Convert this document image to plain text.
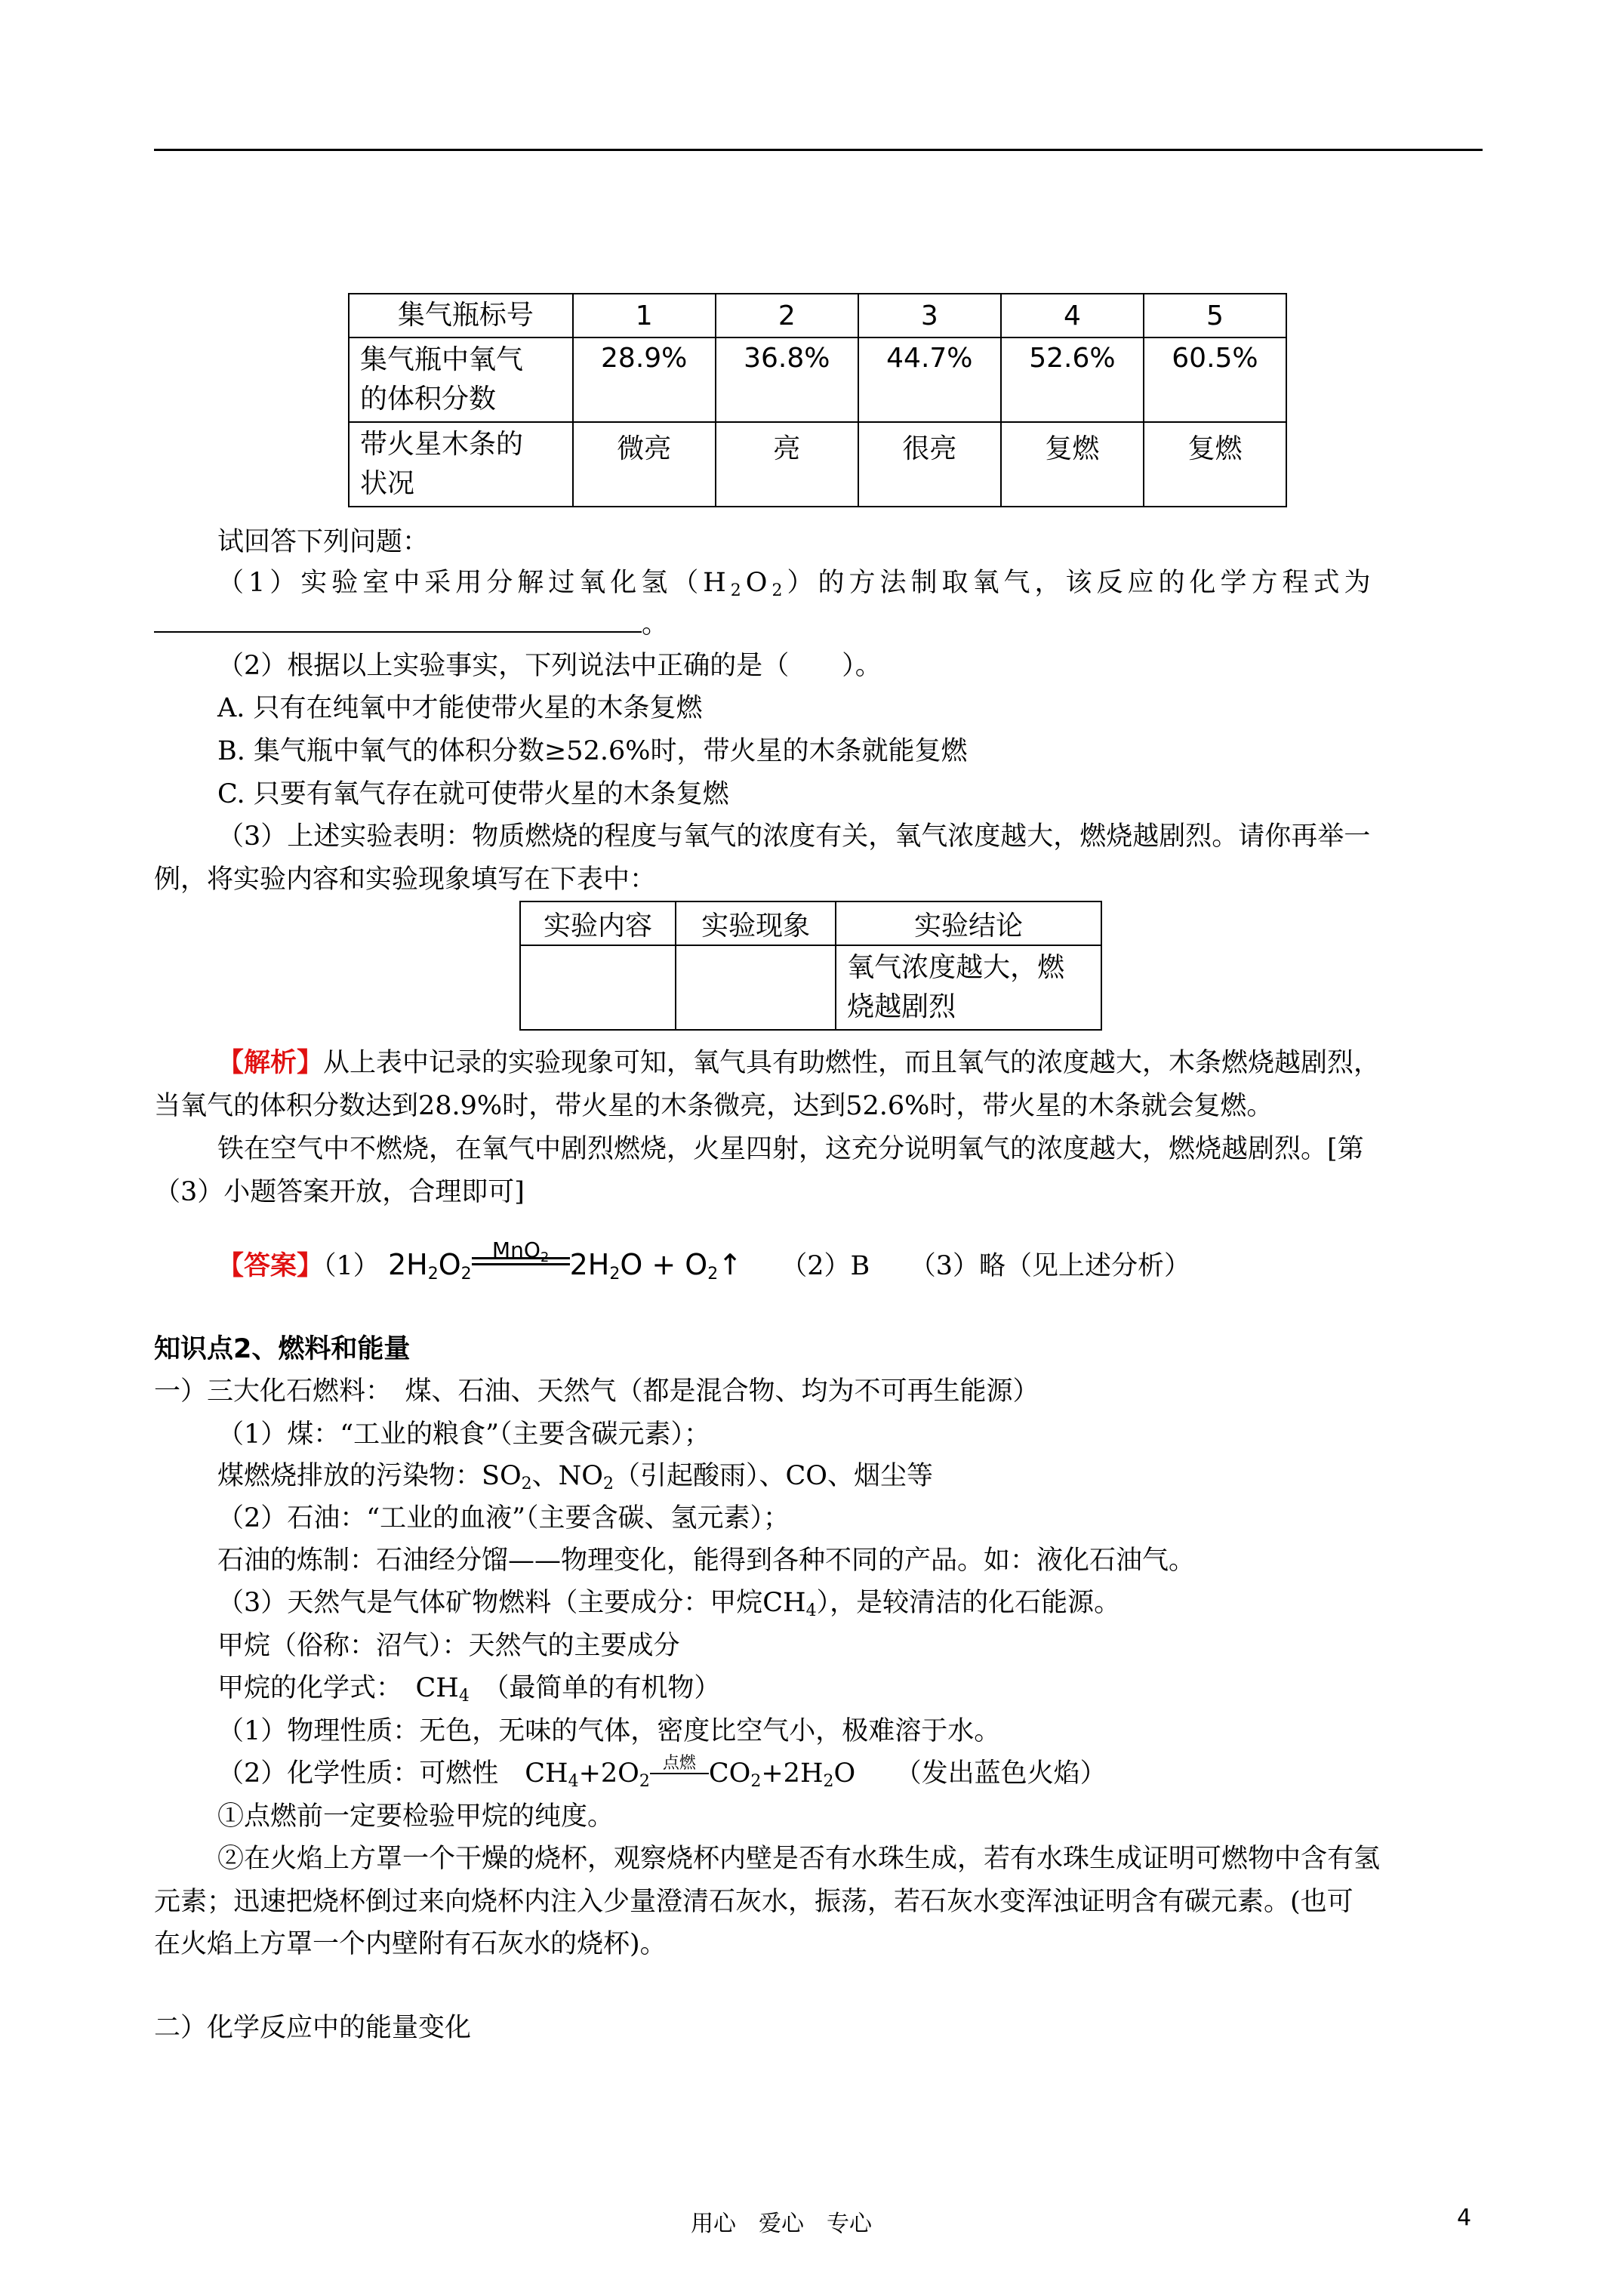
集气瓶标号	1	2	3	4	5

集气瓶中氧气
的体积分数	28.9%	36.8%	44.7%	52.6%	60.5%

带火星木条的
状况	微亮	亮	很亮	复燃	复燃
试回答下列问题：
（1）实验室中采用分解过氧化氢$(H_2O_2)$的方法制取氧气，该反应的化学方程式为
。
（2）根据以上实验事实，下列说法中正确的是（　　）。
A. 只有在纯氧中才能使带火星的木条复燃
B. 集气瓶中氧气的体积分数≥52.6%时，带火星的木条就能复燃
C. 只要有氧气存在就可使带火星的木条复燃
（3）上述实验表明：物质燃烧的程度与氧气的浓度有关，氧气浓度越大，燃烧越剧烈。请你再举一
例，将实验内容和实验现象填写在下表中：
实验内容	实验现象	实验结论

		氧气浓度越大，燃
烧越剧烈
【解析】从上表中记录的实验现象可知，氧气具有助燃性，而且氧气的浓度越大，木条燃烧越剧烈，
当氧气的体积分数达到28.9%时，带火星的木条微亮，达到52.6%时，带火星的木条就会复燃。
铁在空气中不燃烧，在氧气中剧烈燃烧，火星四射，这充分说明氧气的浓度越大，燃烧越剧烈。[第
（3）小题答案开放，合理即可]
【答案】（1） $2H_2O_2$
MnO$_2$ $2H_2O$ + $O_2↑$ （2）B　　（3）略（见上述分析）
知识点2、燃料和能量
一）三大化石燃料：　煤、石油、天然气（都是混合物、均为不可再生能源）
（1）煤：“工业的粮食”（主要含碳元素）；
煤燃烧排放的污染物：$SO_2$、$NO_2$（引起酸雨）、CO、烟尘等
（2）石油：“工业的血液”（主要含碳、氢元素）；
石油的炼制：石油经分馏——物理变化，能得到各种不同的产品。如：液化石油气。
（3）天然气是气体矿物燃料（主要成分：甲烷$CH_4$），是较清洁的化石能源。
甲烷（俗称：沼气）：天然气的主要成分
甲烷的化学式：　$CH_4$　（最简单的有机物）
（1）物理性质：无色，无味的气体，密度比空气小，极难溶于水。
（2）化学性质：可燃性　$CH_4+2O_2$
点燃 $CO_2+2H_2O$　　（发出蓝色火焰）
①点燃前一定要检验甲烷的纯度。
②在火焰上方罩一个干燥的烧杯，观察烧杯内壁是否有水珠生成，若有水珠生成证明可燃物中含有氢
元素；迅速把烧杯倒过来向烧杯内注入少量澄清石灰水，振荡，若石灰水变浑浊证明含有碳元素。(也可
在火焰上方罩一个内壁附有石灰水的烧杯)。
二）化学反应中的能量变化
用心　爱心　专心	4
